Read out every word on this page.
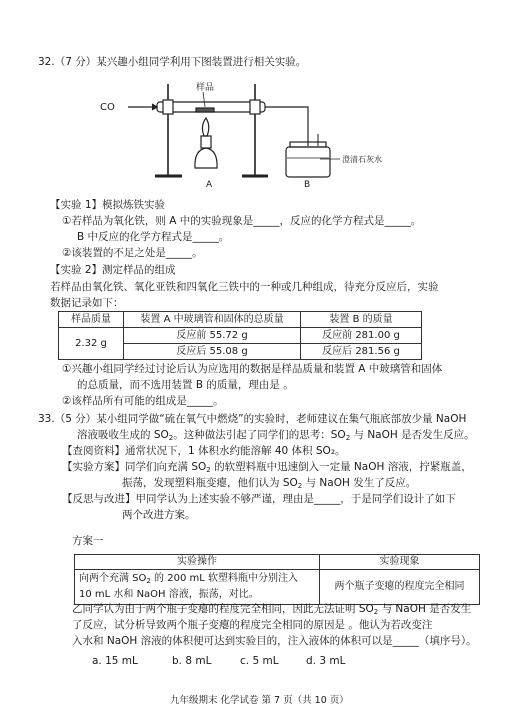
32.（7 分）某兴趣小组同学利用下图装置进行相关实验。
CO
样品
A	B
澄清石灰水
【实验 1】模拟炼铁实验
①若样品为氧化铁，则 A 中的实验现象是_____，反应的化学方程式是_____。
B 中反应的化学方程式是_____。
②该装置的不足之处是_____。
【实验 2】测定样品的组成
若样品由氧化铁、氧化亚铁和四氧化三铁中的一种或几种组成，待充分反应后，实验
数据记录如下：
样品质量	装置 A 中玻璃管和固体的总质量	装置 B 的质量
2.32 g	反应前 55.72 g	反应前 281.00 g
	反应后 55.08 g	反应后 281.56 g
①兴趣小组同学经过讨论后认为应选用的数据是样品质量和装置 A 中玻璃管和固体
的总质量，而不选用装置 B 的质量，理由是 。
②该样品所有可能的组成是_____。
33.（5 分）某小组同学做“硫在氧气中燃烧”的实验时，老师建议在集气瓶底部放少量 NaOH
溶液吸收生成的 $SO_2$。这种做法引起了同学们的思考：$SO_2$ 与 NaOH 是否发生反应。
【查阅资料】通常状况下，1 体积水约能溶解 40 体积 SO₂。
【实验方案】同学们向充满 $SO_2$ 的软塑料瓶中迅速倒入一定量 NaOH 溶液，拧紧瓶盖，
振荡，发现塑料瓶变瘪，他们认为 $SO_2$ 与 NaOH 发生了反应。
【反思与改进】甲同学认为上述实验不够严谨，理由是_____，于是同学们设计了如下
两个改进方案。
方案一
实验操作	实验现象

向两个充满 $SO_2$ 的 200 mL 软塑料瓶中分别注入
10 mL 水和 NaOH 溶液，振荡，对比。	两个瓶子变瘪的程度完全相同
乙同学认为由于两个瓶子变瘪的程度完全相同，因此无法证明 $SO_2$ 与 NaOH 是否发生
了反应，试分析导致两个瓶子变瘪的程度完全相同的原因是 。他认为若改变注
入水和 NaOH 溶液的体积便可达到实验目的，注入液体的体积可以是_____（填序号）。
a. 15 mL	b. 8 mL	c. 5 mL	d. 3 mL
九年级期末 化学试卷 第 7 页（共 10 页）
